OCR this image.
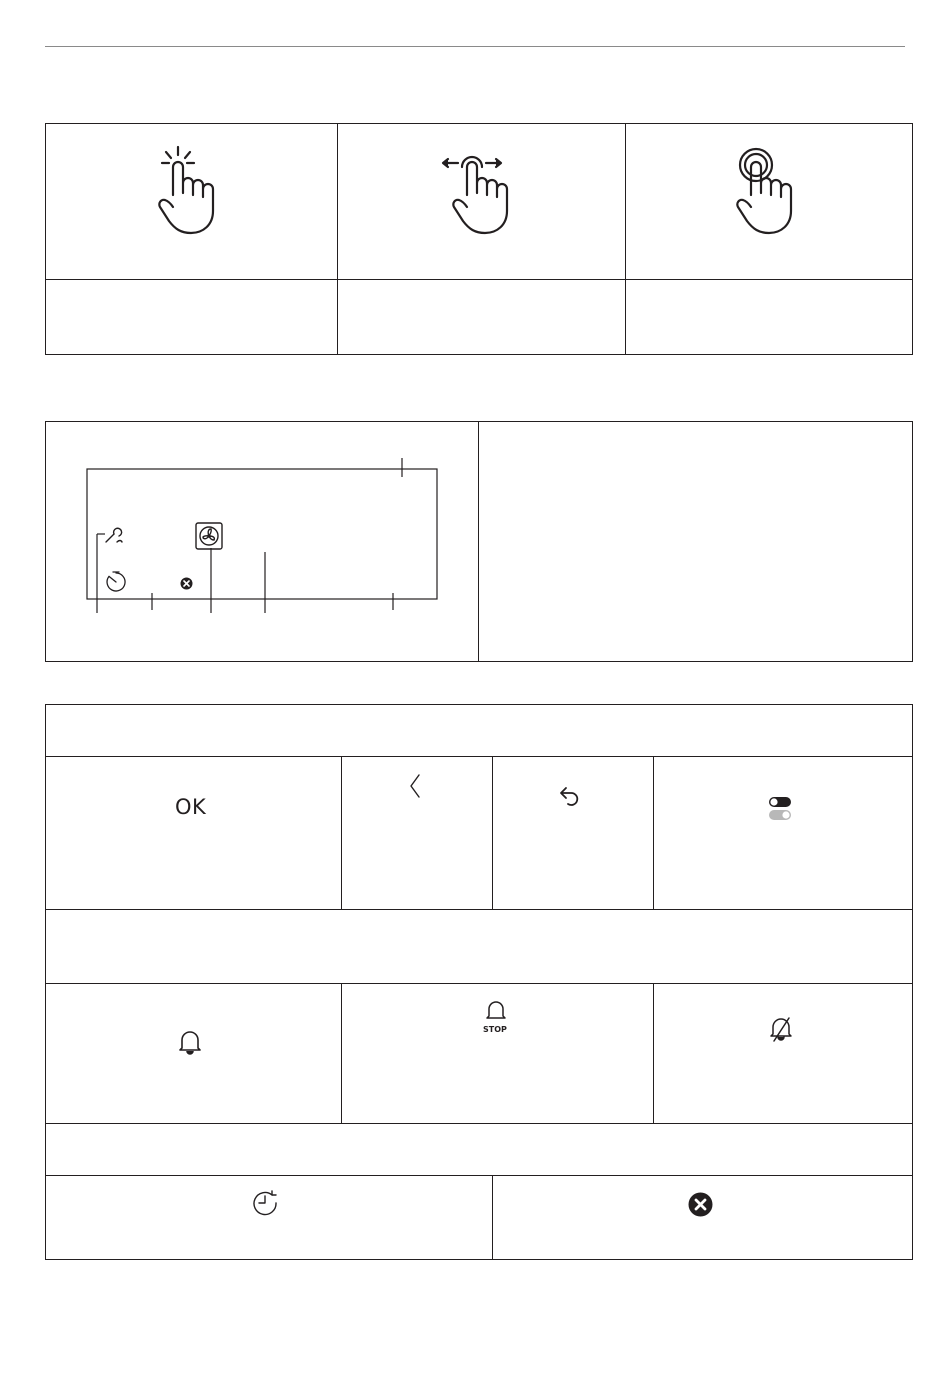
OK
STOP
